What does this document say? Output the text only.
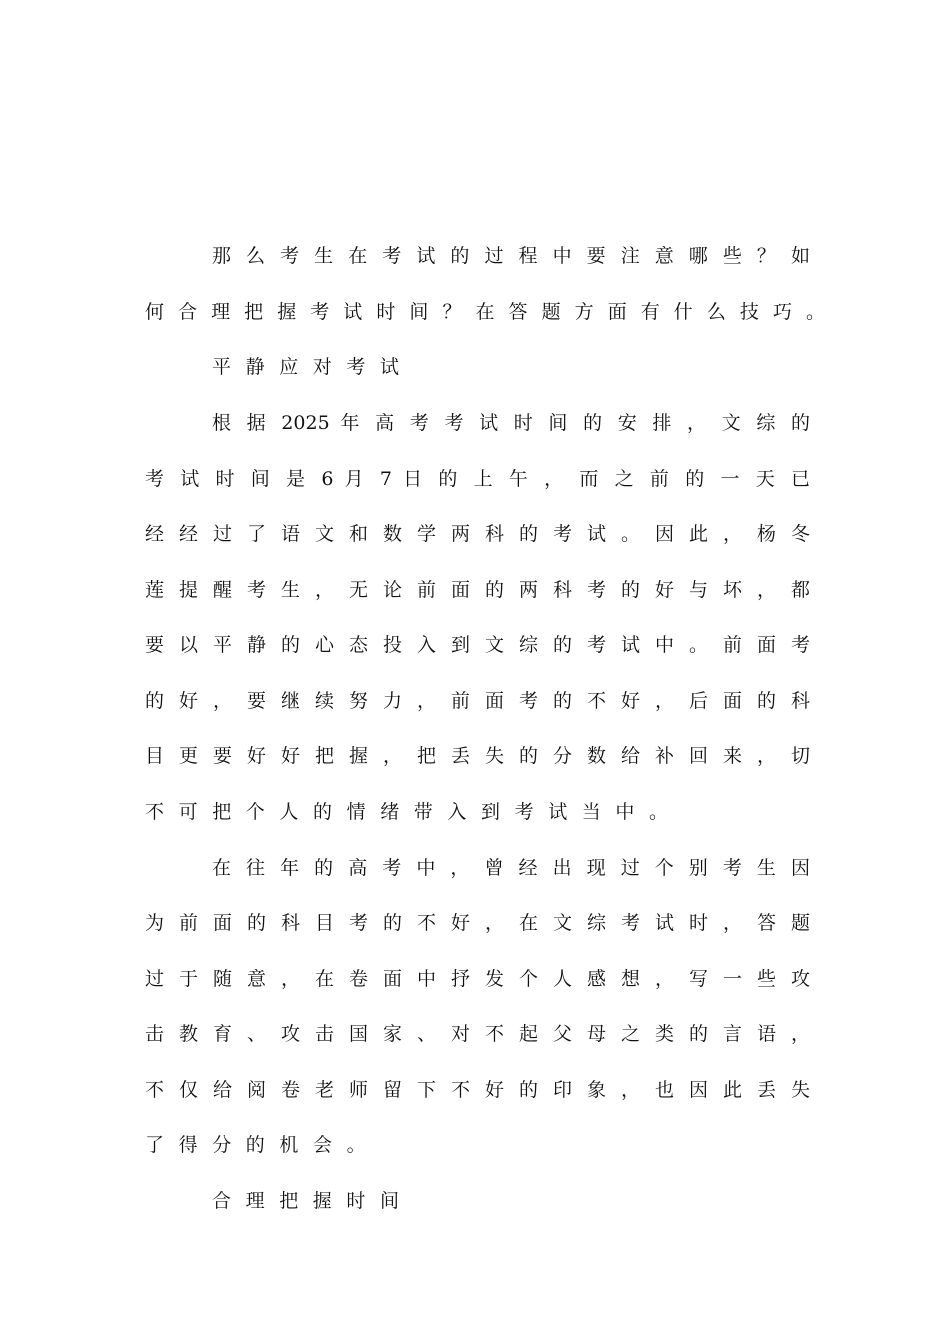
那 么 考 生 在 考 试 的 过 程 中 要 注 意 哪 些 ？ 如
何 合 理 把 握 考 试 时 间 ？ 在 答 题 方 面 有 什 么 技 巧 。
平静应对考试
根 据 2025 年 高 考 考 试 时 间 的 安 排 ， 文 综 的
考 试 时 间 是 6 月 7 日 的 上 午 ， 而 之 前 的 一 天 已
经 经 过 了 语 文 和 数 学 两 科 的 考 试 。 因 此 ， 杨 冬
莲 提 醒 考 生 ， 无 论 前 面 的 两 科 考 的 好 与 坏 ， 都
要 以 平 静 的 心 态 投 入 到 文 综 的 考 试 中 。 前 面 考
的 好 ， 要 继 续 努 力 ， 前 面 考 的 不 好 ， 后 面 的 科
目 更 要 好 好 把 握 ， 把 丢 失 的 分 数 给 补 回 来 ， 切
不可把个人的情绪带入到考试当中。
在 往 年 的 高 考 中 ， 曾 经 出 现 过 个 别 考 生 因
为 前 面 的 科 目 考 的 不 好 ， 在 文 综 考 试 时 ， 答 题
过 于 随 意 ， 在 卷 面 中 抒 发 个 人 感 想 ， 写 一 些 攻
击 教 育 、 攻 击 国 家 、 对 不 起 父 母 之 类 的 言 语 ，
不 仅 给 阅 卷 老 师 留 下 不 好 的 印 象 ， 也 因 此 丢 失
了得分的机会。
合理把握时间
